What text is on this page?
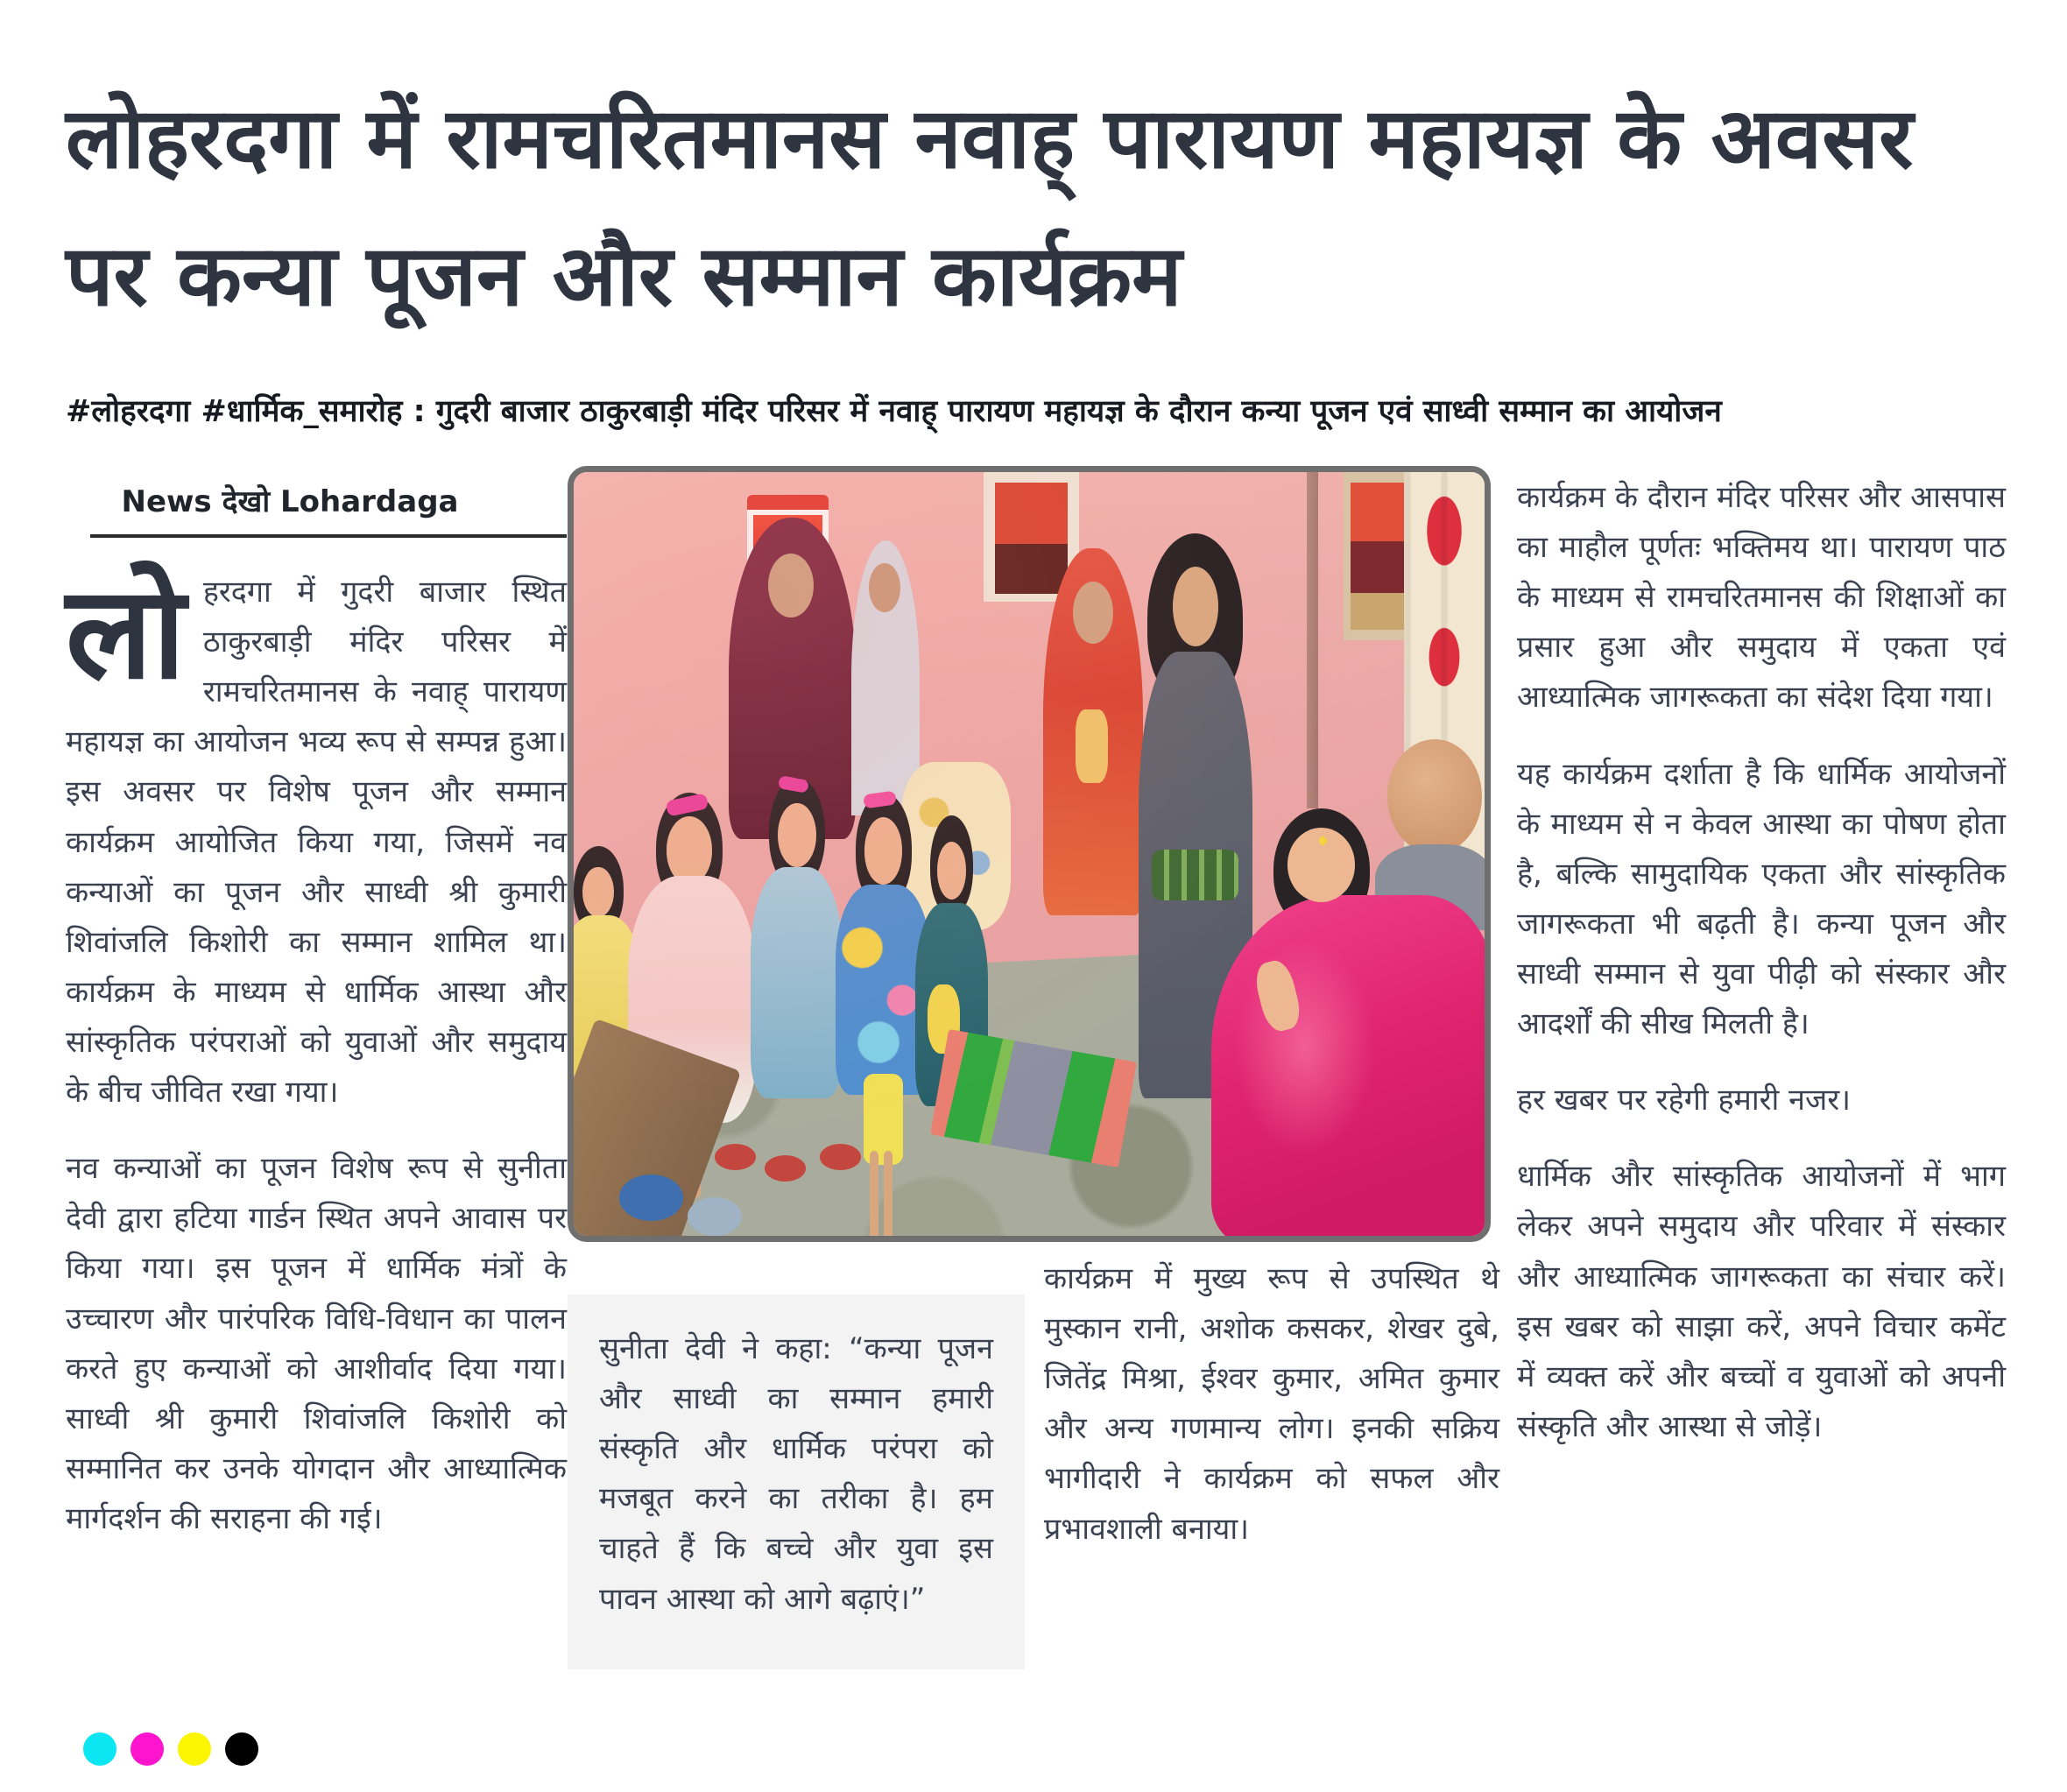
लोहरदगा में रामचरितमानस नवाह् पारायण महायज्ञ के अवसर पर कन्या पूजन और सम्मान कार्यक्रम

#लोहरदगा #धार्मिक_समारोह : गुदरी बाजार ठाकुरबाड़ी मंदिर परिसर में नवाह् पारायण महायज्ञ के दौरान कन्या पूजन एवं साध्वी सम्मान का आयोजन

News देखो Lohardaga

लोहरदगा में गुदरी बाजार स्थित ठाकुरबाड़ी मंदिर परिसर में रामचरितमानस के नवाह् पारायण महायज्ञ का आयोजन भव्य रूप से सम्पन्न हुआ। इस अवसर पर विशेष पूजन और सम्मान कार्यक्रम आयोजित किया गया, जिसमें नव कन्याओं का पूजन और साध्वी श्री कुमारी शिवांजलि किशोरी का सम्मान शामिल था। कार्यक्रम के माध्यम से धार्मिक आस्था और सांस्कृतिक परंपराओं को युवाओं और समुदाय के बीच जीवित रखा गया।

नव कन्याओं का पूजन विशेष रूप से सुनीता देवी द्वारा हटिया गार्डन स्थित अपने आवास पर किया गया। इस पूजन में धार्मिक मंत्रों के उच्चारण और पारंपरिक विधि-विधान का पालन करते हुए कन्याओं को आशीर्वाद दिया गया। साध्वी श्री कुमारी शिवांजलि किशोरी को सम्मानित कर उनके योगदान और आध्यात्मिक मार्गदर्शन की सराहना की गई।

सुनीता देवी ने कहा: “कन्या पूजन और साध्वी का सम्मान हमारी संस्कृति और धार्मिक परंपरा को मजबूत करने का तरीका है। हम चाहते हैं कि बच्चे और युवा इस पावन आस्था को आगे बढ़ाएं।”

कार्यक्रम में मुख्य रूप से उपस्थित थे मुस्कान रानी, अशोक कसकर, शेखर दुबे, जितेंद्र मिश्रा, ईश्वर कुमार, अमित कुमार और अन्य गणमान्य लोग। इनकी सक्रिय भागीदारी ने कार्यक्रम को सफल और प्रभावशाली बनाया।

कार्यक्रम के दौरान मंदिर परिसर और आसपास का माहौल पूर्णतः भक्तिमय था। पारायण पाठ के माध्यम से रामचरितमानस की शिक्षाओं का प्रसार हुआ और समुदाय में एकता एवं आध्यात्मिक जागरूकता का संदेश दिया गया।

यह कार्यक्रम दर्शाता है कि धार्मिक आयोजनों के माध्यम से न केवल आस्था का पोषण होता है, बल्कि सामुदायिक एकता और सांस्कृतिक जागरूकता भी बढ़ती है। कन्या पूजन और साध्वी सम्मान से युवा पीढ़ी को संस्कार और आदर्शों की सीख मिलती है।

हर खबर पर रहेगी हमारी नजर।

धार्मिक और सांस्कृतिक आयोजनों में भाग लेकर अपने समुदाय और परिवार में संस्कार और आध्यात्मिक जागरूकता का संचार करें। इस खबर को साझा करें, अपने विचार कमेंट में व्यक्त करें और बच्चों व युवाओं को अपनी संस्कृति और आस्था से जोड़ें।
